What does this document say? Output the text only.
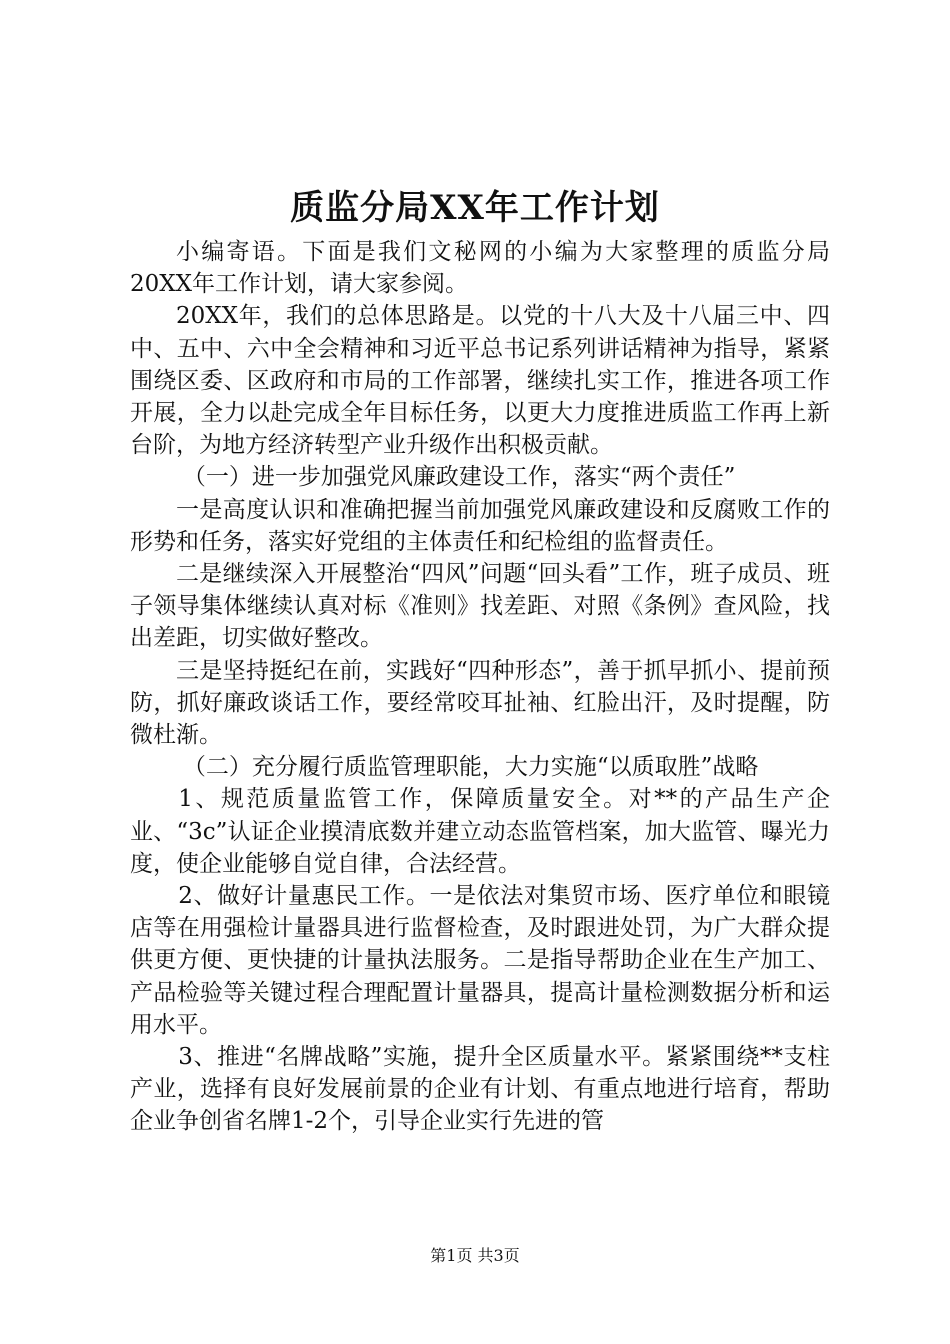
质监分局XX年工作计划

小编寄语。下面是我们文秘网的小编为大家整理的质监分局20XX年工作计划，请大家参阅。

20XX年，我们的总体思路是。以党的十八大及十八届三中、四中、五中、六中全会精神和习近平总书记系列讲话精神为指导，紧紧围绕区委、区政府和市局的工作部署，继续扎实工作，推进各项工作开展，全力以赴完成全年目标任务，以更大力度推进质监工作再上新台阶，为地方经济转型产业升级作出积极贡献。

（一）进一步加强党风廉政建设工作，落实“两个责任”

一是高度认识和准确把握当前加强党风廉政建设和反腐败工作的形势和任务，落实好党组的主体责任和纪检组的监督责任。

二是继续深入开展整治“四风”问题“回头看”工作，班子成员、班子领导集体继续认真对标《准则》找差距、对照《条例》查风险，找出差距，切实做好整改。

三是坚持挺纪在前，实践好“四种形态”，善于抓早抓小、提前预防，抓好廉政谈话工作，要经常咬耳扯袖、红脸出汗，及时提醒，防微杜渐。

（二）充分履行质监管理职能，大力实施“以质取胜”战略

1、规范质量监管工作，保障质量安全。对**的产品生产企业、“3c”认证企业摸清底数并建立动态监管档案，加大监管、曝光力度，使企业能够自觉自律，合法经营。

2、做好计量惠民工作。一是依法对集贸市场、医疗单位和眼镜店等在用强检计量器具进行监督检查，及时跟进处罚，为广大群众提供更方便、更快捷的计量执法服务。二是指导帮助企业在生产加工、产品检验等关键过程合理配置计量器具，提高计量检测数据分析和运用水平。

3、推进“名牌战略”实施，提升全区质量水平。紧紧围绕**支柱产业，选择有良好发展前景的企业有计划、有重点地进行培育，帮助企业争创省名牌1-2个，引导企业实行先进的管

第1页 共3页
